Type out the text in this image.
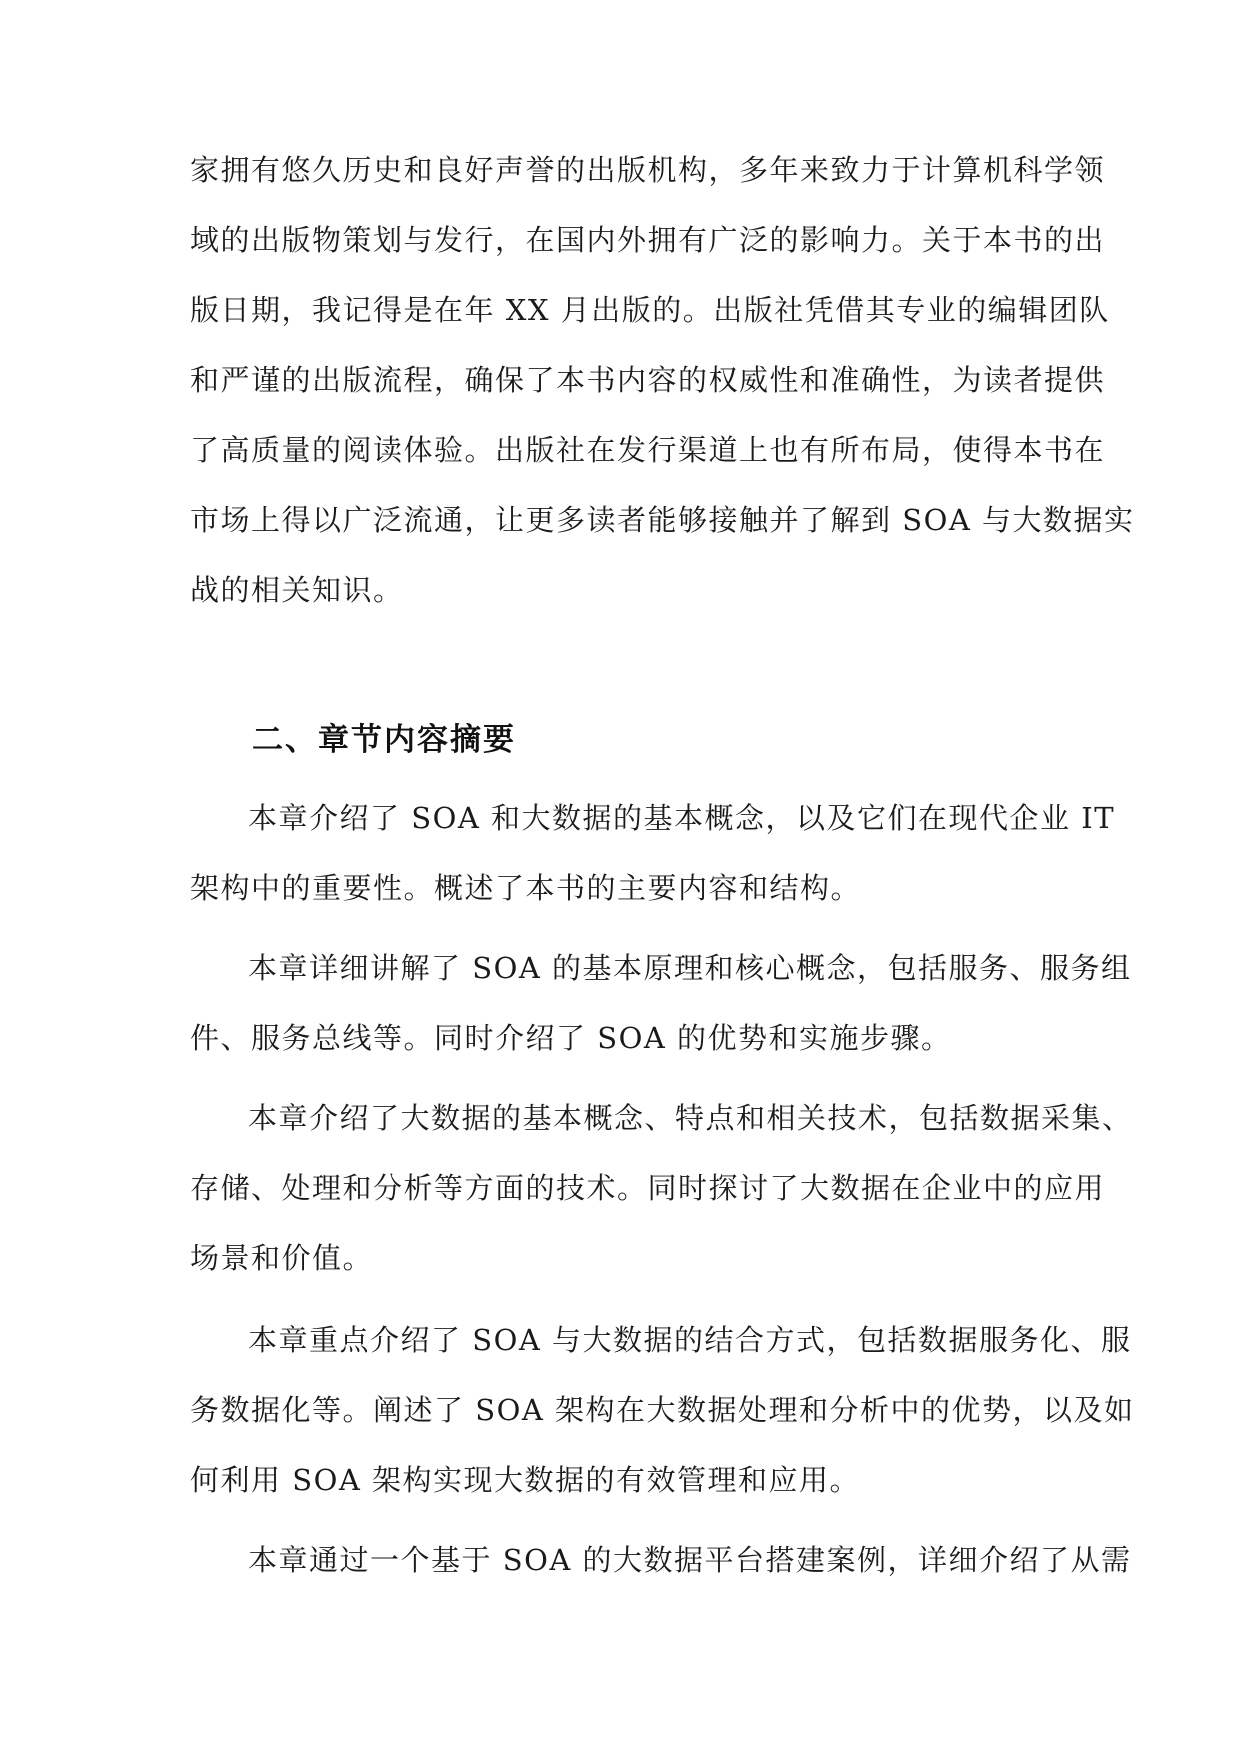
家拥有悠久历史和良好声誉的出版机构，多年来致力于计算机科学领
域的出版物策划与发行，在国内外拥有广泛的影响力。关于本书的出
版日期，我记得是在年 XX 月出版的。出版社凭借其专业的编辑团队
和严谨的出版流程，确保了本书内容的权威性和准确性，为读者提供
了高质量的阅读体验。出版社在发行渠道上也有所布局，使得本书在
市场上得以广泛流通，让更多读者能够接触并了解到 SOA 与大数据实
战的相关知识。
二、章节内容摘要
本章介绍了 SOA 和大数据的基本概念，以及它们在现代企业 IT
架构中的重要性。概述了本书的主要内容和结构。
本章详细讲解了 SOA 的基本原理和核心概念，包括服务、服务组
件、服务总线等。同时介绍了 SOA 的优势和实施步骤。
本章介绍了大数据的基本概念、特点和相关技术，包括数据采集、
存储、处理和分析等方面的技术。同时探讨了大数据在企业中的应用
场景和价值。
本章重点介绍了 SOA 与大数据的结合方式，包括数据服务化、服
务数据化等。阐述了 SOA 架构在大数据处理和分析中的优势，以及如
何利用 SOA 架构实现大数据的有效管理和应用。
本章通过一个基于 SOA 的大数据平台搭建案例，详细介绍了从需
